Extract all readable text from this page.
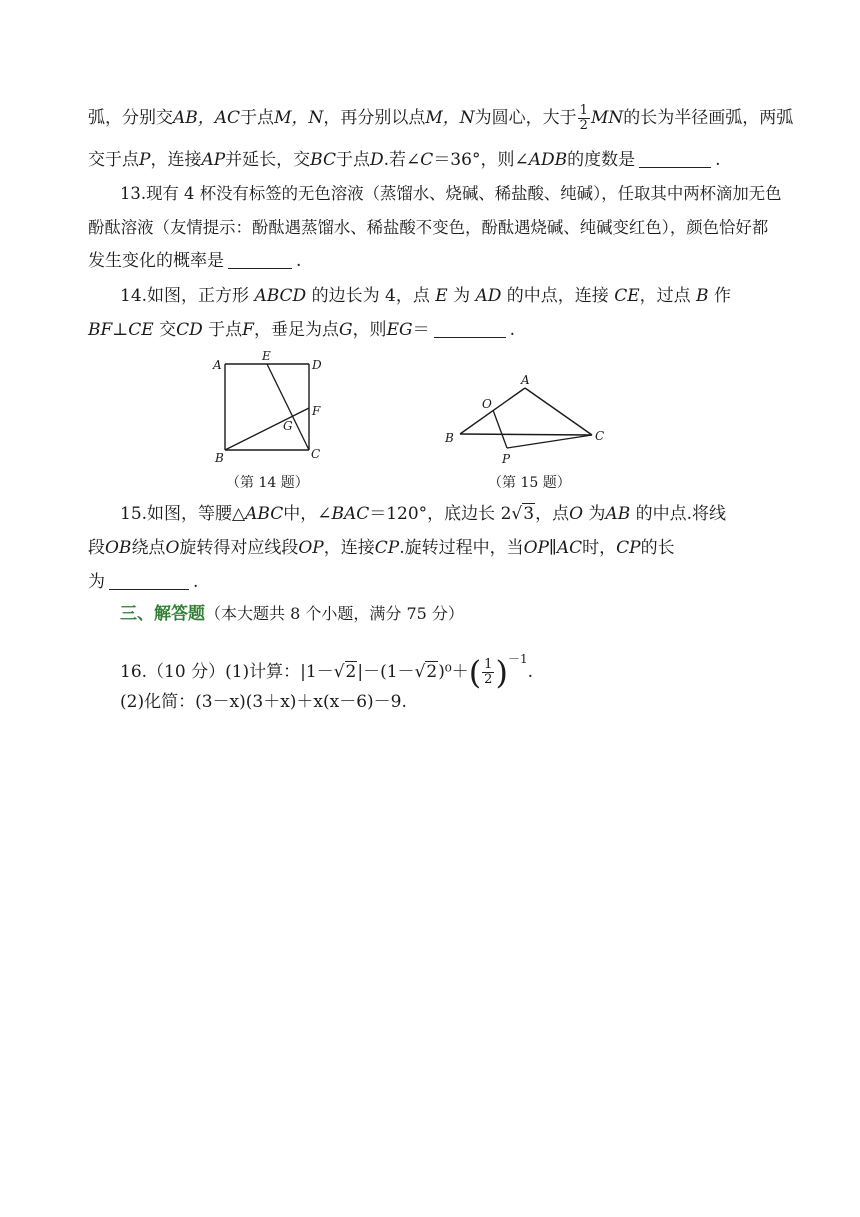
弧，分别交AB，AC于点M，N，再分别以点M，N为圆心，大于 $\frac{1}{2}$ MN的长为半径画弧，两弧
交于点P，连接AP并延长，交BC于点D.若∠C＝36°，则∠ADB的度数是	.
13.现有 4 杯没有标签的无色溶液（蒸馏水、烧碱、稀盐酸、纯碱），任取其中两杯滴加无色
酚酞溶液（友情提示：酚酞遇蒸馏水、稀盐酸不变色，酚酞遇烧碱、纯碱变红色），颜色恰好都
发生变化的概率是	.
14.如图，正方形 ABCD 的边长为 4，点 E 为 AD 的中点，连接 CE，过点 B 作
BF⊥CE 交CD 于点F，垂足为点G，则EG＝	.
A	D
E
F
G
B	C
（第 14 题）
A
O
B	C
P
（第 15 题）
15.如图，等腰△ABC中，∠BAC＝120°，底边长 2√3，点O 为AB 的中点.将线
段OB绕点O旋转得对应线段OP，连接CP.旋转过程中，当OP∥AC时，CP的长
为	.
三、解答题（本大题共 8 个小题，满分 75 分）
16.（10 分）(1)计算：$|1-√2|-(1-√2)^0+( \frac{1}{2} )^{-1}$.
(2)化简：(3－x)(3＋x)＋x(x－6)－9.
